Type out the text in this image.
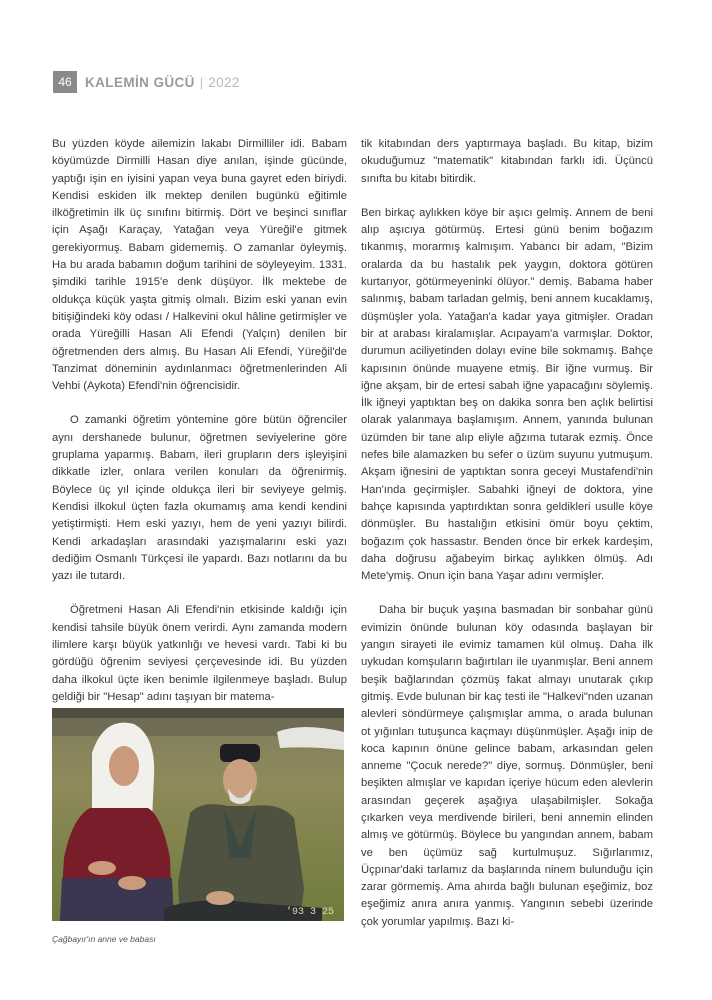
46 KALEMİN GÜCÜ | 2022

Bu yüzden köyde ailemizin lakabı Dirmilliler idi. Babam köyümüzde Dirmilli Hasan diye anılan, işinde gücünde, yaptığı işin en iyisini yapan veya buna gayret eden biriydi. Kendisi eskiden ilk mektep denilen bugünkü eğitimle ilköğretimin ilk üç sınıfını bitirmiş. Dört ve beşinci sınıflar için Aşağı Karaçay, Yatağan veya Yüreğil'e gitmek gerekiyormuş. Babam gidememiş. O zamanlar öyleymiş. Ha bu arada babamın doğum tarihini de söyleyeyim. 1331. şimdiki tarihle 1915'e denk düşüyor. İlk mektebe de oldukça küçük yaşta gitmiş olmalı. Bizim eski yanan evin bitişiğindeki köy odası / Halkevini okul hâline getirmişler ve orada Yüreğilli Hasan Ali Efendi (Yalçın) denilen bir öğretmenden ders almış. Bu Hasan Ali Efendi, Yüreğil'de Tanzimat döneminin aydınlanmacı öğretmenlerinden Ali Vehbi (Aykota) Efendi'nin öğrencisidir.

O zamanki öğretim yöntemine göre bütün öğrenciler aynı dershanede bulunur, öğretmen seviyelerine göre gruplama yaparmış. Babam, ileri grupların ders işleyişini dikkatle izler, onlara verilen konuları da öğrenirmiş. Böylece üç yıl içinde oldukça ileri bir seviyeye gelmiş. Kendisi ilkokul üçten fazla okumamış ama kendi kendini yetiştirmişti. Hem eski yazıyı, hem de yeni yazıyı bilirdi. Kendi arkadaşları arasındaki yazışmalarını eski yazı dediğim Osmanlı Türkçesi ile yapardı. Bazı notlarını da bu yazı ile tutardı.

Öğretmeni Hasan Ali Efendi'nin etkisinde kaldığı için kendisi tahsile büyük önem verirdi. Aynı zamanda modern ilimlere karşı büyük yatkınlığı ve hevesi vardı. Tabi ki bu gördüğü öğrenim seviyesi çerçevesinde idi. Bu yüzden daha ilkokul üçte iken benimle ilgilenmeye başladı. Bulup geldiği bir "Hesap" adını taşıyan bir matema-

tik kitabından ders yaptırmaya başladı. Bu kitap, bizim okuduğumuz "matematik" kitabından farklı idi. Üçüncü sınıfta bu kitabı bitirdik.

Ben birkaç aylıkken köye bir aşıcı gelmiş. Annem de beni alıp aşıcıya götürmüş. Ertesi günü benim boğazım tıkanmış, morarmış kalmışım. Yabancı bir adam, "Bizim oralarda da bu hastalık pek yaygın, doktora götüren kurtarıyor, götürmeyeninki ölüyor." demiş. Babama haber salınmış, babam tarladan gelmiş, beni annem kucaklamış, düşmüşler yola. Yatağan'a kadar yaya gitmişler. Oradan bir at arabası kiralamışlar. Acıpayam'a varmışlar. Doktor, durumun aciliyetinden dolayı evine bile sokmamış. Bahçe kapısının önünde muayene etmiş. Bir iğne vurmuş. Bir iğne akşam, bir de ertesi sabah iğne yapacağını söylemiş. İlk iğneyi yaptıktan beş on dakika sonra ben açlık belirtisi olarak yalanmaya başlamışım. Annem, yanında bulunan üzümden bir tane alıp eliyle ağzıma tutarak ezmiş. Önce nefes bile alamazken bu sefer o üzüm suyunu yutmuşum. Akşam iğnesini de yaptıktan sonra geceyi Mustafendi'nin Han'ında geçirmişler. Sabahki iğneyi de doktora, yine bahçe kapısında yaptırdıktan sonra geldikleri usulle köye dönmüşler. Bu hastalığın etkisini ömür boyu çektim, boğazım çok hassastır. Benden önce bir erkek kardeşim, daha doğrusu ağabeyim birkaç aylıkken ölmüş. Adı Mete'ymiş. Onun için bana Yaşar adını vermişler.

Daha bir buçuk yaşına basmadan bir sonbahar günü evimizin önünde bulunan köy odasında başlayan bir yangın sirayeti ile evimiz tamamen kül olmuş. Daha ilk uykudan komşuların bağırtıları ile uyanmışlar. Beni annem beşik bağlarından çözmüş fakat almayı unutarak çıkıp gitmiş. Evde bulunan bir kaç testi ile "Halkevi"nden uzanan alevleri söndürmeye çalışmışlar amma, o arada bulunan ot yığınları tutuşunca kaçmayı düşünmüşler. Aşağı inip de koca kapının önüne gelince babam, arkasından gelen anneme "Çocuk nerede?" diye, sormuş. Dönmüşler, beni beşikten almışlar ve kapıdan içeriye hücum eden alevlerin arasından geçerek aşağıya ulaşabilmişler. Sokağa çıkarken veya merdivende birileri, beni annemin elinden almış ve götürmüş. Böylece bu yangından annem, babam ve ben üçümüz sağ kurtulmuşuz. Sığırlarımız, Üçpınar'daki tarlamız da başlarında ninem bulunduğu için zarar görmemiş. Ama ahırda bağlı bulunan eşeğimiz, boz eşeğimiz anıra anıra yanmış. Yangının sebebi üzerinde çok yorumlar yapılmış. Bazı ki-

'93 3 25
Çağbayır'ın anne ve babası
